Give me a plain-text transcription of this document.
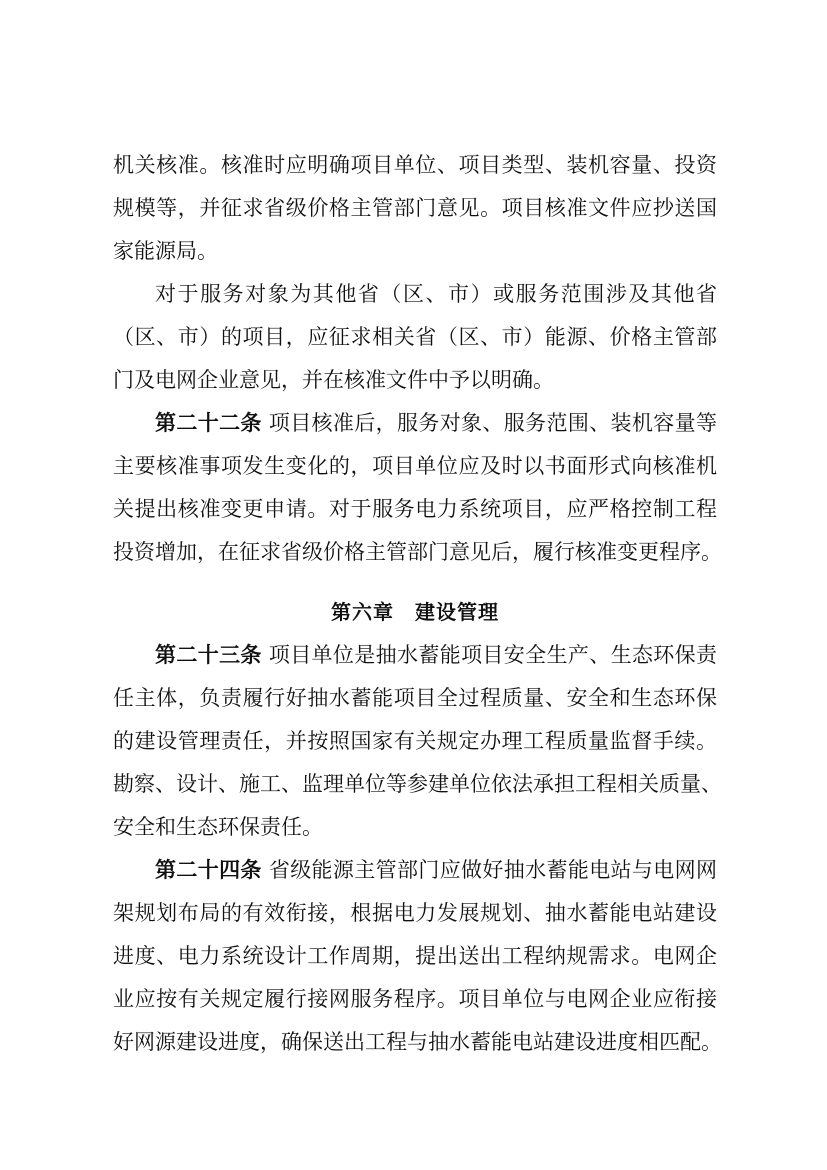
机关核准。核准时应明确项目单位、项目类型、装机容量、投资
规模等，并征求省级价格主管部门意见。项目核准文件应抄送国
家能源局。
对于服务对象为其他省（区、市）或服务范围涉及其他省
（区、市）的项目，应征求相关省（区、市）能源、价格主管部
门及电网企业意见，并在核准文件中予以明确。
第二十二条 项目核准后，服务对象、服务范围、装机容量等
主要核准事项发生变化的，项目单位应及时以书面形式向核准机
关提出核准变更申请。对于服务电力系统项目，应严格控制工程
投资增加，在征求省级价格主管部门意见后，履行核准变更程序。
第六章　建设管理
第二十三条 项目单位是抽水蓄能项目安全生产、生态环保责
任主体，负责履行好抽水蓄能项目全过程质量、安全和生态环保
的建设管理责任，并按照国家有关规定办理工程质量监督手续。
勘察、设计、施工、监理单位等参建单位依法承担工程相关质量、
安全和生态环保责任。
第二十四条 省级能源主管部门应做好抽水蓄能电站与电网网
架规划布局的有效衔接，根据电力发展规划、抽水蓄能电站建设
进度、电力系统设计工作周期，提出送出工程纳规需求。电网企
业应按有关规定履行接网服务程序。项目单位与电网企业应衔接
好网源建设进度，确保送出工程与抽水蓄能电站建设进度相匹配。
